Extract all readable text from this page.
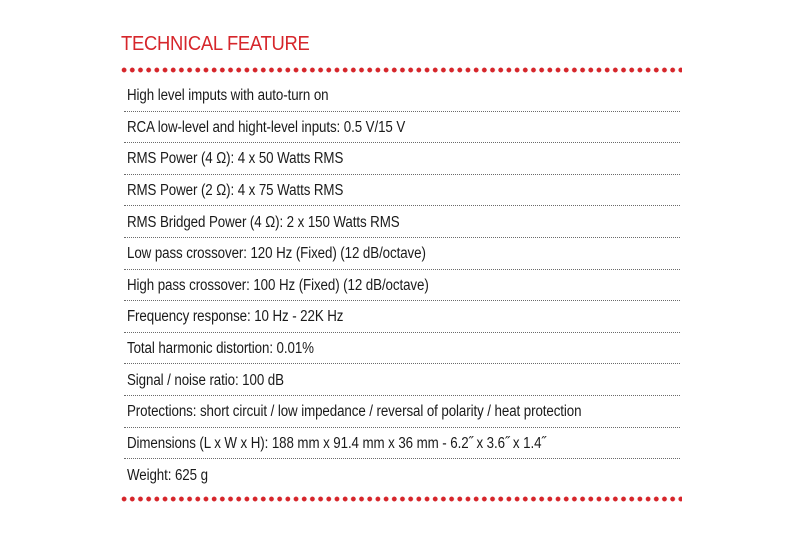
TECHNICAL FEATURE
High level imputs with auto-turn on
RCA low-level and hight-level inputs: 0.5 V/15 V
RMS Power (4 Ω): 4 x 50 Watts RMS
RMS Power (2 Ω): 4 x 75 Watts RMS
RMS Bridged Power (4 Ω): 2 x 150 Watts RMS
Low pass crossover: 120 Hz (Fixed) (12 dB/octave)
High pass crossover: 100 Hz (Fixed) (12 dB/octave)
Frequency response: 10 Hz - 22K Hz
Total harmonic distortion: 0.01%
Signal / noise ratio: 100 dB
Protections: short circuit / low impedance / reversal of polarity / heat protection
Dimensions (L x W x H): 188 mm x 91.4 mm x 36 mm - 6.2˝ x 3.6˝ x 1.4˝
Weight: 625 g
